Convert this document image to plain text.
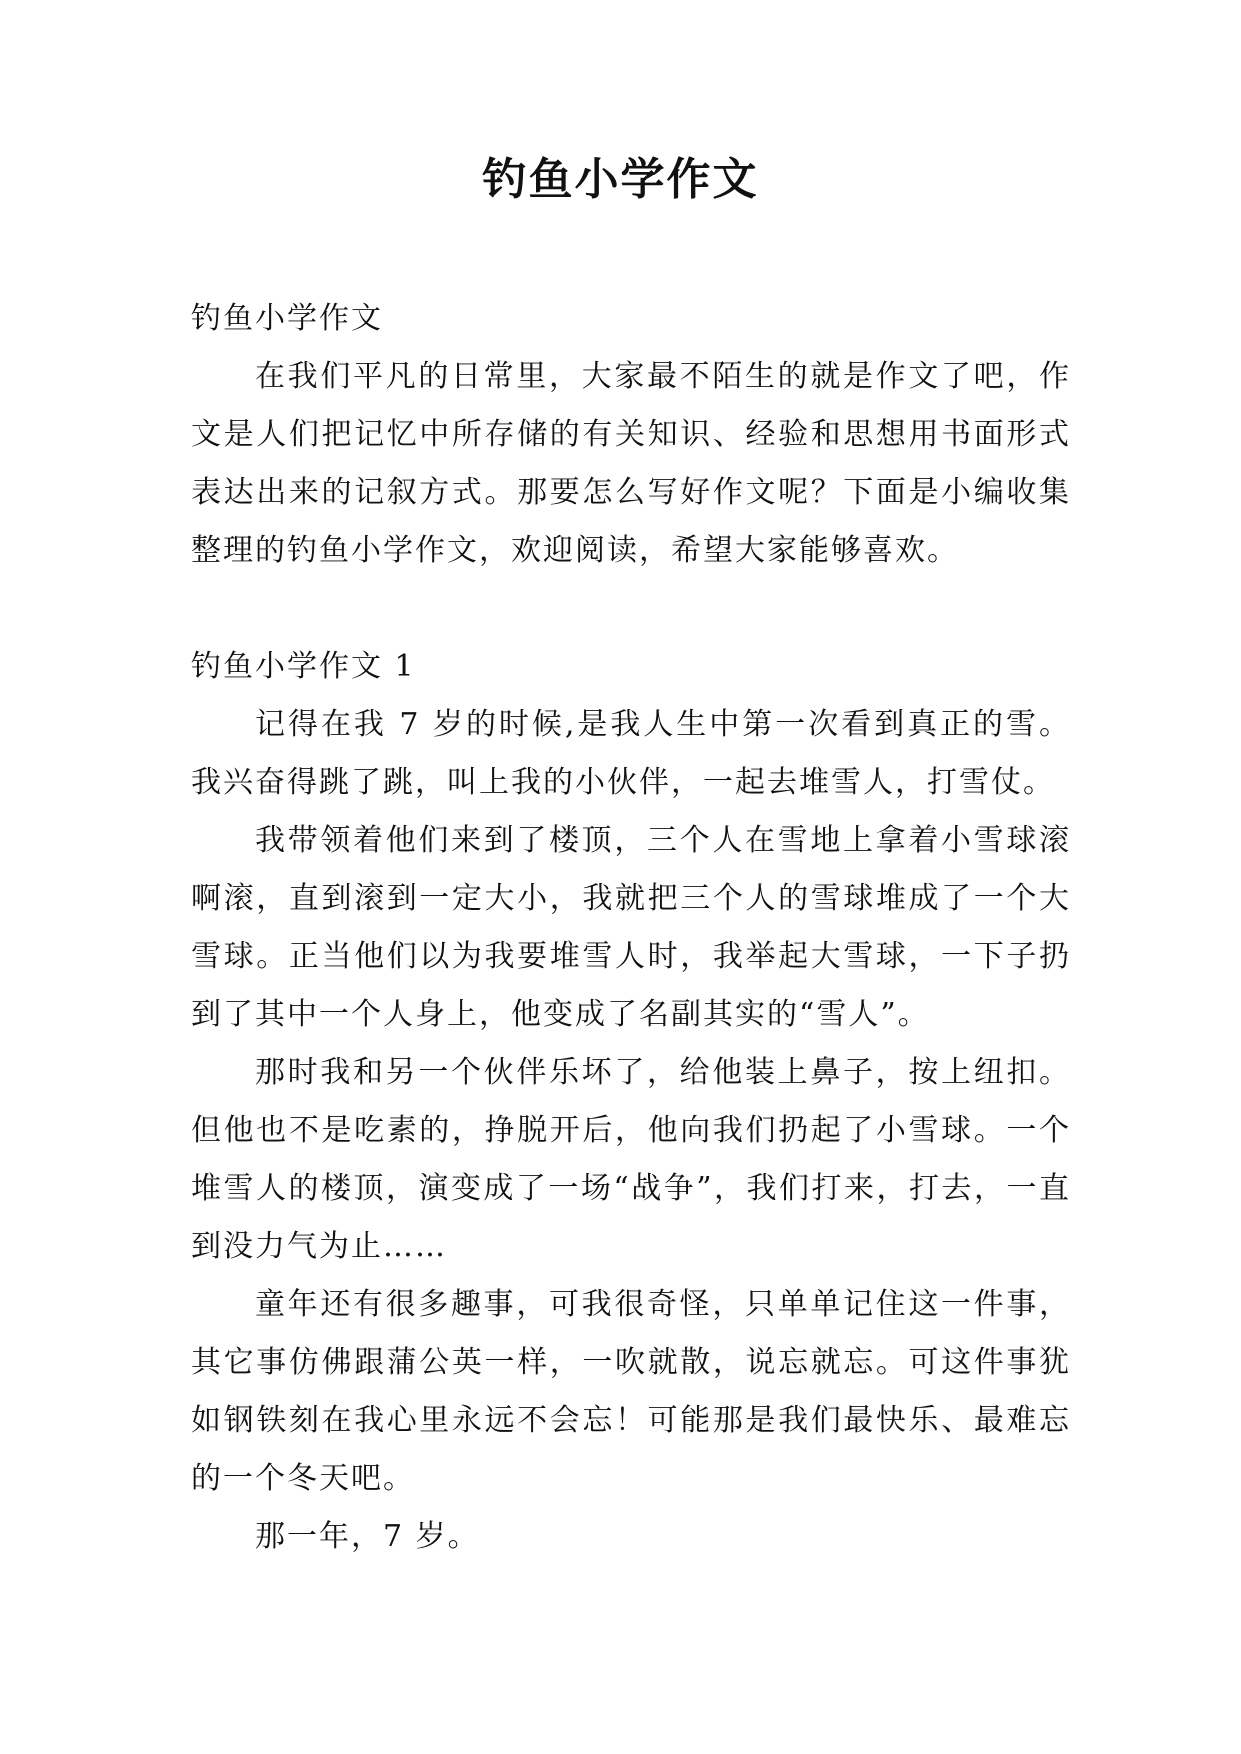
钓鱼小学作文

钓鱼小学作文

在我们平凡的日常里，大家最不陌生的就是作文了吧，作文是人们把记忆中所存储的有关知识、经验和思想用书面形式表达出来的记叙方式。那要怎么写好作文呢？下面是小编收集整理的钓鱼小学作文，欢迎阅读，希望大家能够喜欢。

钓鱼小学作文 1

记得在我 7 岁的时候,是我人生中第一次看到真正的雪。我兴奋得跳了跳，叫上我的小伙伴，一起去堆雪人，打雪仗。

我带领着他们来到了楼顶，三个人在雪地上拿着小雪球滚啊滚，直到滚到一定大小，我就把三个人的雪球堆成了一个大雪球。正当他们以为我要堆雪人时，我举起大雪球，一下子扔到了其中一个人身上，他变成了名副其实的“雪人”。

那时我和另一个伙伴乐坏了，给他装上鼻子，按上纽扣。但他也不是吃素的，挣脱开后，他向我们扔起了小雪球。一个堆雪人的楼顶，演变成了一场“战争”，我们打来，打去，一直到没力气为止……

童年还有很多趣事，可我很奇怪，只单单记住这一件事，其它事仿佛跟蒲公英一样，一吹就散，说忘就忘。可这件事犹如钢铁刻在我心里永远不会忘！可能那是我们最快乐、最难忘的一个冬天吧。

那一年，7 岁。
